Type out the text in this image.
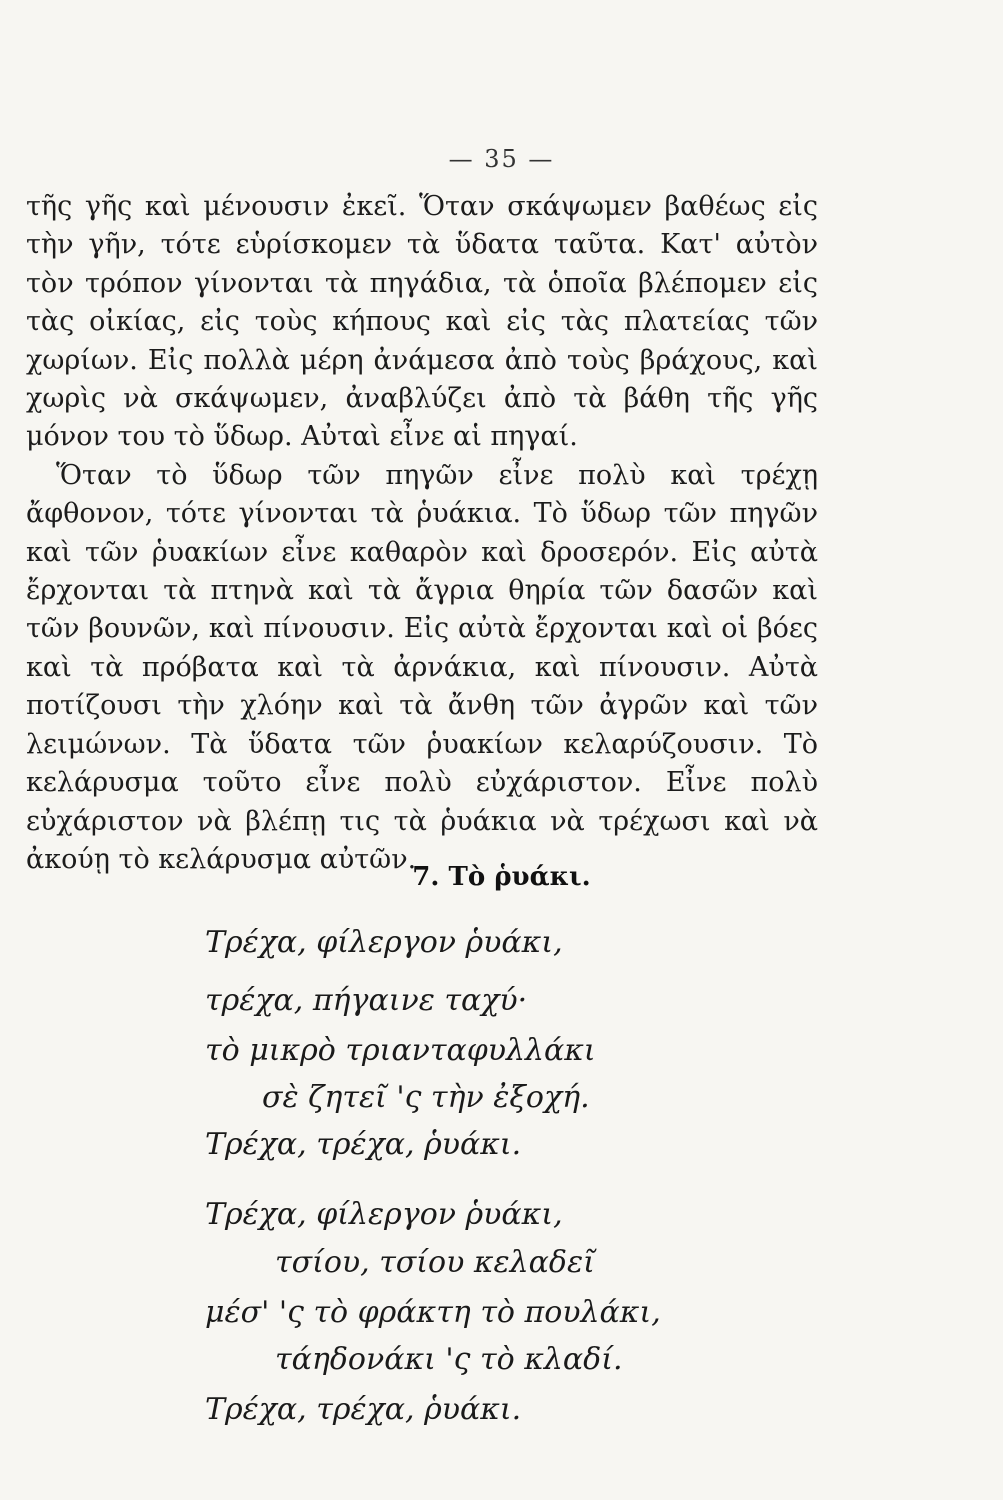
— 35 —

τῆς γῆς καὶ μένουσιν ἐκεῖ. Ὅταν σκάψωμεν βαθέως εἰς τὴν γῆν, τότε εὑρίσκομεν τὰ ὕδατα ταῦτα. Κατ' αὐτὸν τὸν τρόπον γίνονται τὰ πηγάδια, τὰ ὁποῖα βλέπομεν εἰς τὰς οἰκίας, εἰς τοὺς κήπους καὶ εἰς τὰς πλατείας τῶν χωρίων. Εἰς πολλὰ μέρη ἀνάμεσα ἀπὸ τοὺς βράχους, καὶ χωρὶς νὰ σκάψωμεν, ἀναβλύζει ἀπὸ τὰ βάθη τῆς γῆς μόνον του τὸ ὕδωρ. Αὐταὶ εἶνε αἱ πηγαί.

Ὅταν τὸ ὕδωρ τῶν πηγῶν εἶνε πολὺ καὶ τρέχῃ ἄφθονον, τότε γίνονται τὰ ῥυάκια. Τὸ ὕδωρ τῶν πηγῶν καὶ τῶν ῥυακίων εἶνε καθαρὸν καὶ δροσερόν. Εἰς αὐτὰ ἔρχονται τὰ πτηνὰ καὶ τὰ ἄγρια θηρία τῶν δασῶν καὶ τῶν βουνῶν, καὶ πίνουσιν. Εἰς αὐτὰ ἔρχονται καὶ οἱ βόες καὶ τὰ πρόβατα καὶ τὰ ἀρνάκια, καὶ πίνουσιν. Αὐτὰ ποτίζουσι τὴν χλόην καὶ τὰ ἄνθη τῶν ἀγρῶν καὶ τῶν λειμώνων. Τὰ ὕδατα τῶν ῥυακίων κελαρύζουσιν. Τὸ κελάρυσμα τοῦτο εἶνε πολὺ εὐχάριστον. Εἶνε πολὺ εὐχάριστον νὰ βλέπῃ τις τὰ ῥυάκια νὰ τρέχωσι καὶ νὰ ἀκούῃ τὸ κελάρυσμα αὐτῶν.

7. Τὸ ῥυάκι.
Τρέχα, φίλεργον ῥυάκι,
τρέχα, πήγαινε ταχύ·
τὸ μικρὸ τριανταφυλλάκι
σὲ ζητεῖ 'ς τὴν ἐξοχή.
Τρέχα, τρέχα, ῥυάκι.
Τρέχα, φίλεργον ῥυάκι,
τσίου, τσίου κελαδεῖ
μέσ' 'ς τὸ φράκτη τὸ πουλάκι,
τάηδονάκι 'ς τὸ κλαδί.
Τρέχα, τρέχα, ῥυάκι.
